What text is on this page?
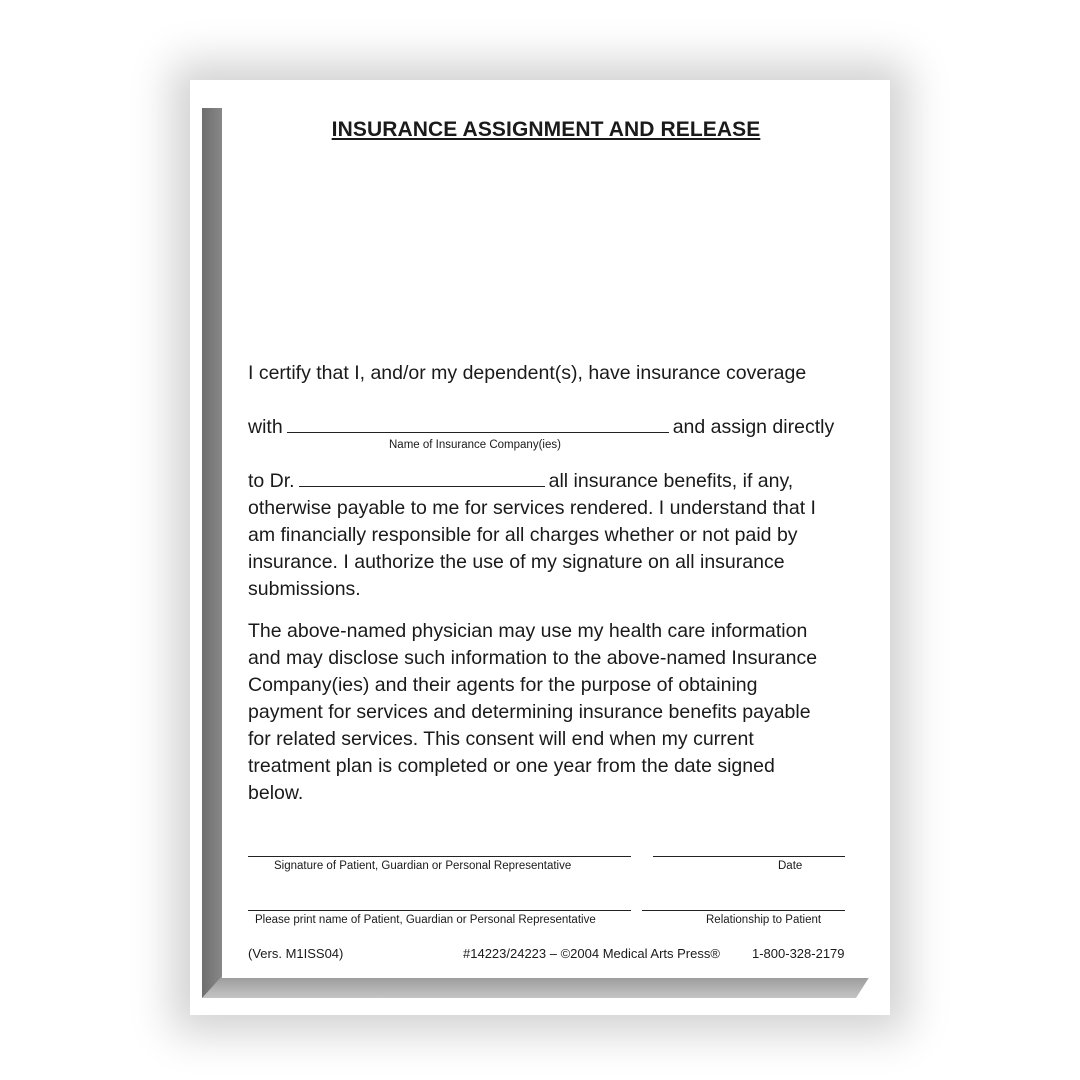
INSURANCE ASSIGNMENT AND RELEASE
I certify that I, and/or my dependent(s), have insurance coverage
with	and assign directly
Name of Insurance Company(ies)
to Dr.	all insurance benefits, if any,
otherwise payable to me for services rendered. I understand that I
am financially responsible for all charges whether or not paid by
insurance. I authorize the use of my signature on all insurance
submissions.
The above-named physician may use my health care information
and may disclose such information to the above-named Insurance
Company(ies) and their agents for the purpose of obtaining
payment for services and determining insurance benefits payable
for related services. This consent will end when my current
treatment plan is completed or one year from the date signed
below.
Signature of Patient, Guardian or Personal Representative	Date
Please print name of Patient, Guardian or Personal Representative	Relationship to Patient
(Vers. M1ISS04)	#14223/24223 – ©2004 Medical Arts Press® 1-800-328-2179
